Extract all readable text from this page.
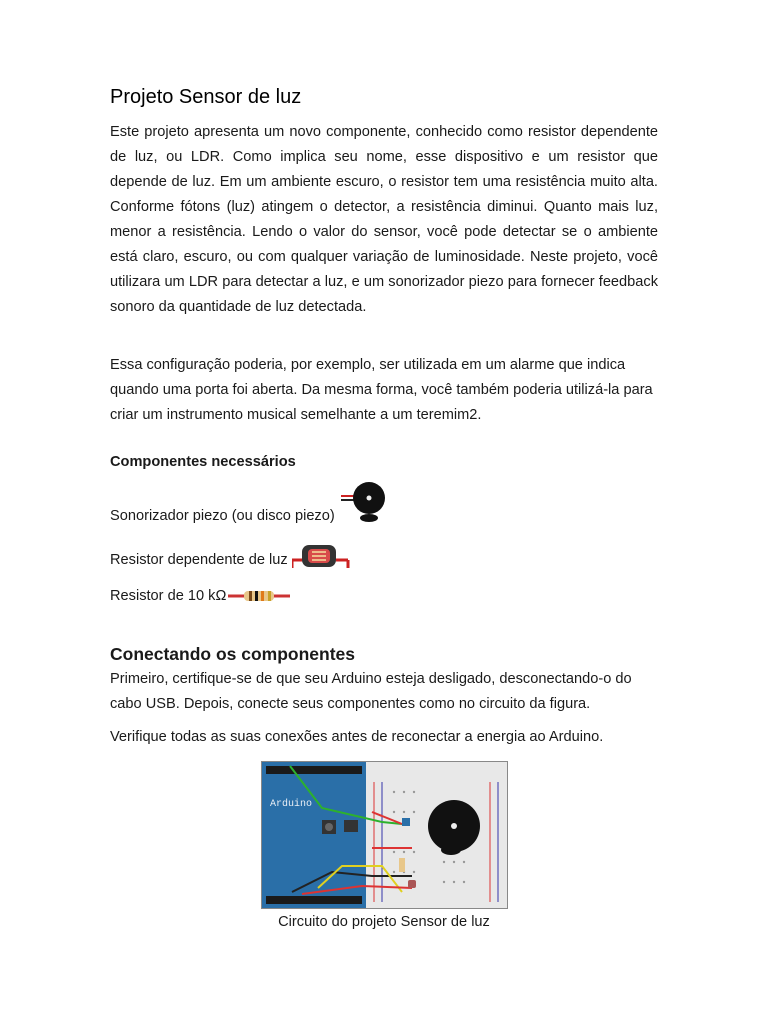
Projeto Sensor de luz

Este projeto apresenta um novo componente, conhecido como resistor dependente de luz, ou LDR. Como implica seu nome, esse dispositivo e um resistor que depende de luz. Em um ambiente escuro, o resistor tem uma resistência muito alta. Conforme fótons (luz) atingem o detector, a resistência diminui. Quanto mais luz, menor a resistência. Lendo o valor do sensor, você pode detectar se o ambiente está claro, escuro, ou com qualquer variação de luminosidade. Neste projeto, você utilizara um LDR para detectar a luz, e um sonorizador piezo para fornecer feedback sonoro da quantidade de luz detectada.

Essa configuração poderia, por exemplo, ser utilizada em um alarme que indica quando uma porta foi aberta. Da mesma forma, você também poderia utilizá-la para criar um instrumento musical semelhante a um teremim2.

Componentes necessários
Sonorizador piezo (ou disco piezo)
Resistor dependente de luz
Resistor de 10 kΩ
Conectando os componentes

Primeiro, certifique-se de que seu Arduino esteja desligado, desconectando-o do cabo USB. Depois, conecte seus componentes como no circuito da figura.

Verifique todas as suas conexões antes de reconectar a energia ao Arduino.

Arduino
Circuito do projeto Sensor de luz
